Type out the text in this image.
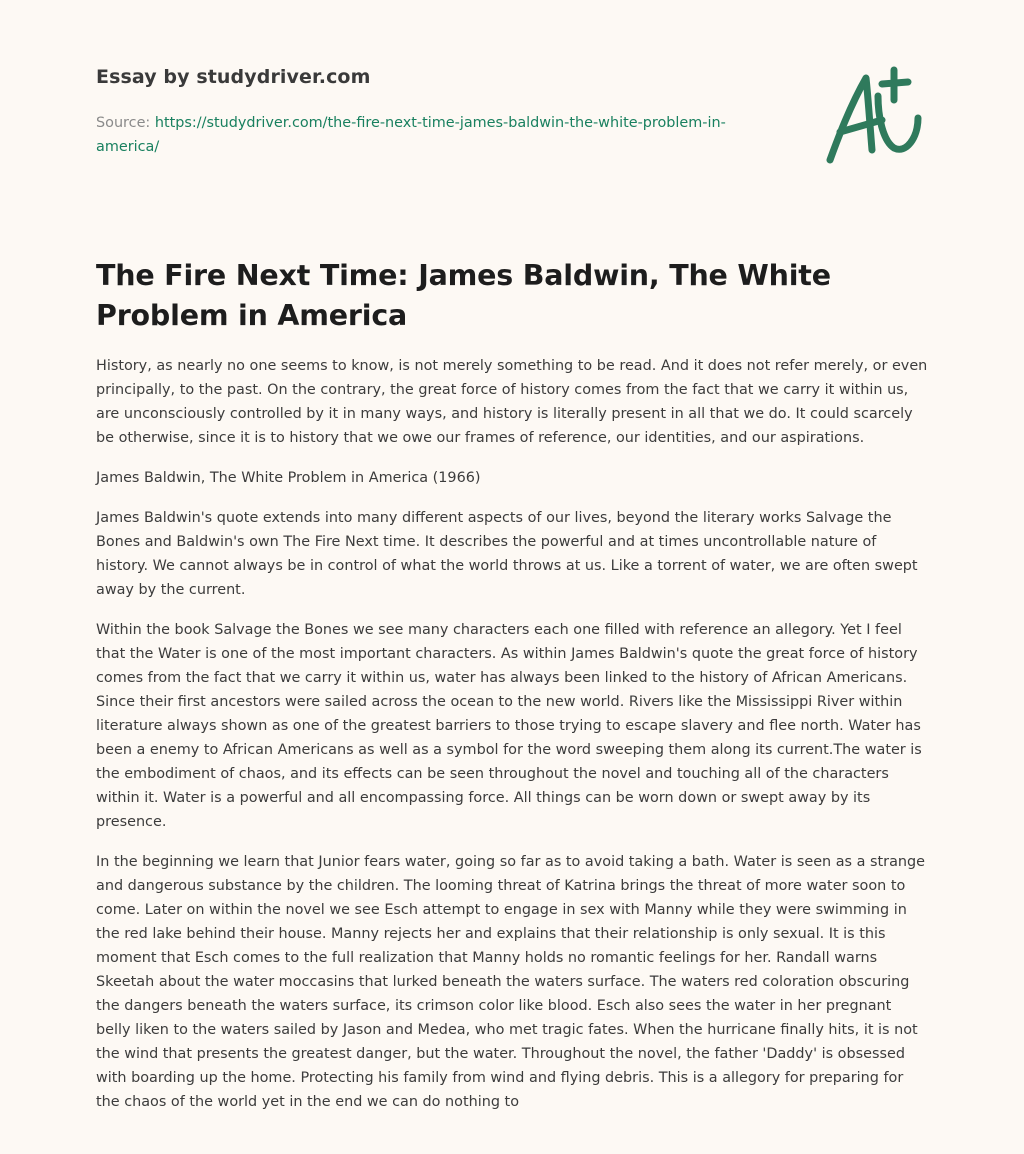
Essay by studydriver.com
Source: https://studydriver.com/the-fire-next-time-james-baldwin-the-white-problem-in-america/
The Fire Next Time: James Baldwin, The White Problem in America

History, as nearly no one seems to know, is not merely something to be read. And it does not refer merely, or even principally, to the past. On the contrary, the great force of history comes from the fact that we carry it within us, are unconsciously controlled by it in many ways, and history is literally present in all that we do. It could scarcely be otherwise, since it is to history that we owe our frames of reference, our identities, and our aspirations.

James Baldwin, The White Problem in America (1966)

James Baldwin's quote extends into many different aspects of our lives, beyond the literary works Salvage the Bones and Baldwin's own The Fire Next time. It describes the powerful and at times uncontrollable nature of history. We cannot always be in control of what the world throws at us. Like a torrent of water, we are often swept away by the current.

Within the book Salvage the Bones we see many characters each one filled with reference an allegory. Yet I feel that the Water is one of the most important characters. As within James Baldwin's quote the great force of history comes from the fact that we carry it within us, water has always been linked to the history of African Americans. Since their first ancestors were sailed across the ocean to the new world. Rivers like the Mississippi River within literature always shown as one of the greatest barriers to those trying to escape slavery and flee north. Water has been a enemy to African Americans as well as a symbol for the word sweeping them along its current.The water is the embodiment of chaos, and its effects can be seen throughout the novel and touching all of the characters within it. Water is a powerful and all encompassing force. All things can be worn down or swept away by its presence.

In the beginning we learn that Junior fears water, going so far as to avoid taking a bath. Water is seen as a strange and dangerous substance by the children. The looming threat of Katrina brings the threat of more water soon to come. Later on within the novel we see Esch attempt to engage in sex with Manny while they were swimming in the red lake behind their house. Manny rejects her and explains that their relationship is only sexual. It is this moment that Esch comes to the full realization that Manny holds no romantic feelings for her. Randall warns Skeetah about the water moccasins that lurked beneath the waters surface. The waters red coloration obscuring the dangers beneath the waters surface, its crimson color like blood. Esch also sees the water in her pregnant belly liken to the waters sailed by Jason and Medea, who met tragic fates. When the hurricane finally hits, it is not the wind that presents the greatest danger, but the water. Throughout the novel, the father 'Daddy' is obsessed with boarding up the home. Protecting his family from wind and flying debris. This is a allegory for preparing for the chaos of the world yet in the end we can do nothing to
